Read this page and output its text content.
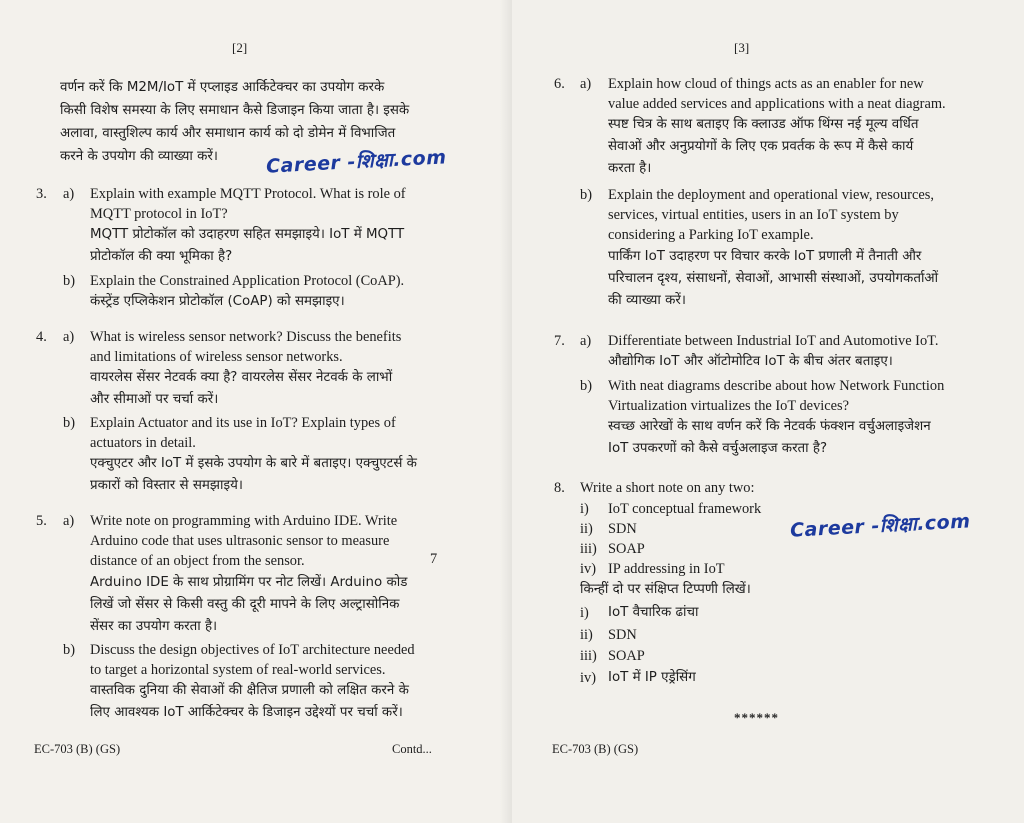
[2]
वर्णन करें कि M2M/IoT में एप्लाइड आर्किटेक्चर का उपयोग करके
किसी विशेष समस्या के लिए समाधान कैसे डिजाइन किया जाता है। इसके
अलावा, वास्तुशिल्प कार्य और समाधान कार्य को दो डोमेन में विभाजित
करने के उपयोग की व्याख्या करें।	Career -शिक्षा.com
3. a) Explain with example MQTT Protocol. What is role of
MQTT protocol in IoT?
MQTT प्रोटोकॉल को उदाहरण सहित समझाइये। IoT में MQTT
प्रोटोकॉल की क्या भूमिका है?
b) Explain the Constrained Application Protocol (CoAP).
कंस्ट्रेंड एप्लिकेशन प्रोटोकॉल (CoAP) को समझाइए।
4. a) What is wireless sensor network? Discuss the benefits
and limitations of wireless sensor networks.
वायरलेस सेंसर नेटवर्क क्या है? वायरलेस सेंसर नेटवर्क के लाभों
और सीमाओं पर चर्चा करें।
b) Explain Actuator and its use in IoT? Explain types of
actuators in detail.
एक्चुएटर और IoT में इसके उपयोग के बारे में बताइए। एक्चुएटर्स के
प्रकारों को विस्तार से समझाइये।
5. a) Write note on programming with Arduino IDE. Write
Arduino code that uses ultrasonic sensor to measure
distance of an object from the sensor.	7
Arduino IDE के साथ प्रोग्रामिंग पर नोट लिखें। Arduino कोड
लिखें जो सेंसर से किसी वस्तु की दूरी मापने के लिए अल्ट्रासोनिक
सेंसर का उपयोग करता है।
b) Discuss the design objectives of IoT architecture needed
to target a horizontal system of real-world services.
वास्तविक दुनिया की सेवाओं की क्षैतिज प्रणाली को लक्षित करने के
लिए आवश्यक IoT आर्किटेक्चर के डिजाइन उद्देश्यों पर चर्चा करें।
EC-703 (B) (GS)	Contd...
[3]
6. a) Explain how cloud of things acts as an enabler for new
value added services and applications with a neat diagram.
स्पष्ट चित्र के साथ बताइए कि क्लाउड ऑफ थिंग्स नई मूल्य वर्धित
सेवाओं और अनुप्रयोगों के लिए एक प्रवर्तक के रूप में कैसे कार्य
करता है।
b) Explain the deployment and operational view, resources,
services, virtual entities, users in an IoT system by
considering a Parking IoT example.
पार्किंग IoT उदाहरण पर विचार करके IoT प्रणाली में तैनाती और
परिचालन दृश्य, संसाधनों, सेवाओं, आभासी संस्थाओं, उपयोगकर्ताओं
की व्याख्या करें।
7. a) Differentiate between Industrial IoT and Automotive IoT.
औद्योगिक IoT और ऑटोमोटिव IoT के बीच अंतर बताइए।
b) With neat diagrams describe about how Network Function
Virtualization virtualizes the IoT devices?
स्वच्छ आरेखों के साथ वर्णन करें कि नेटवर्क फंक्शन वर्चुअलाइजेशन
IoT उपकरणों को कैसे वर्चुअलाइज करता है?
8. Write a short note on any two:
i) IoT conceptual framework
ii) SDN
iii) SOAP
iv) IP addressing in IoT
Career -शिक्षा.com
किन्हीं दो पर संक्षिप्त टिप्पणी लिखें।
i) IoT वैचारिक ढांचा
ii) SDN
iii) SOAP
iv) IoT में IP एड्रेसिंग
******
EC-703 (B) (GS)
